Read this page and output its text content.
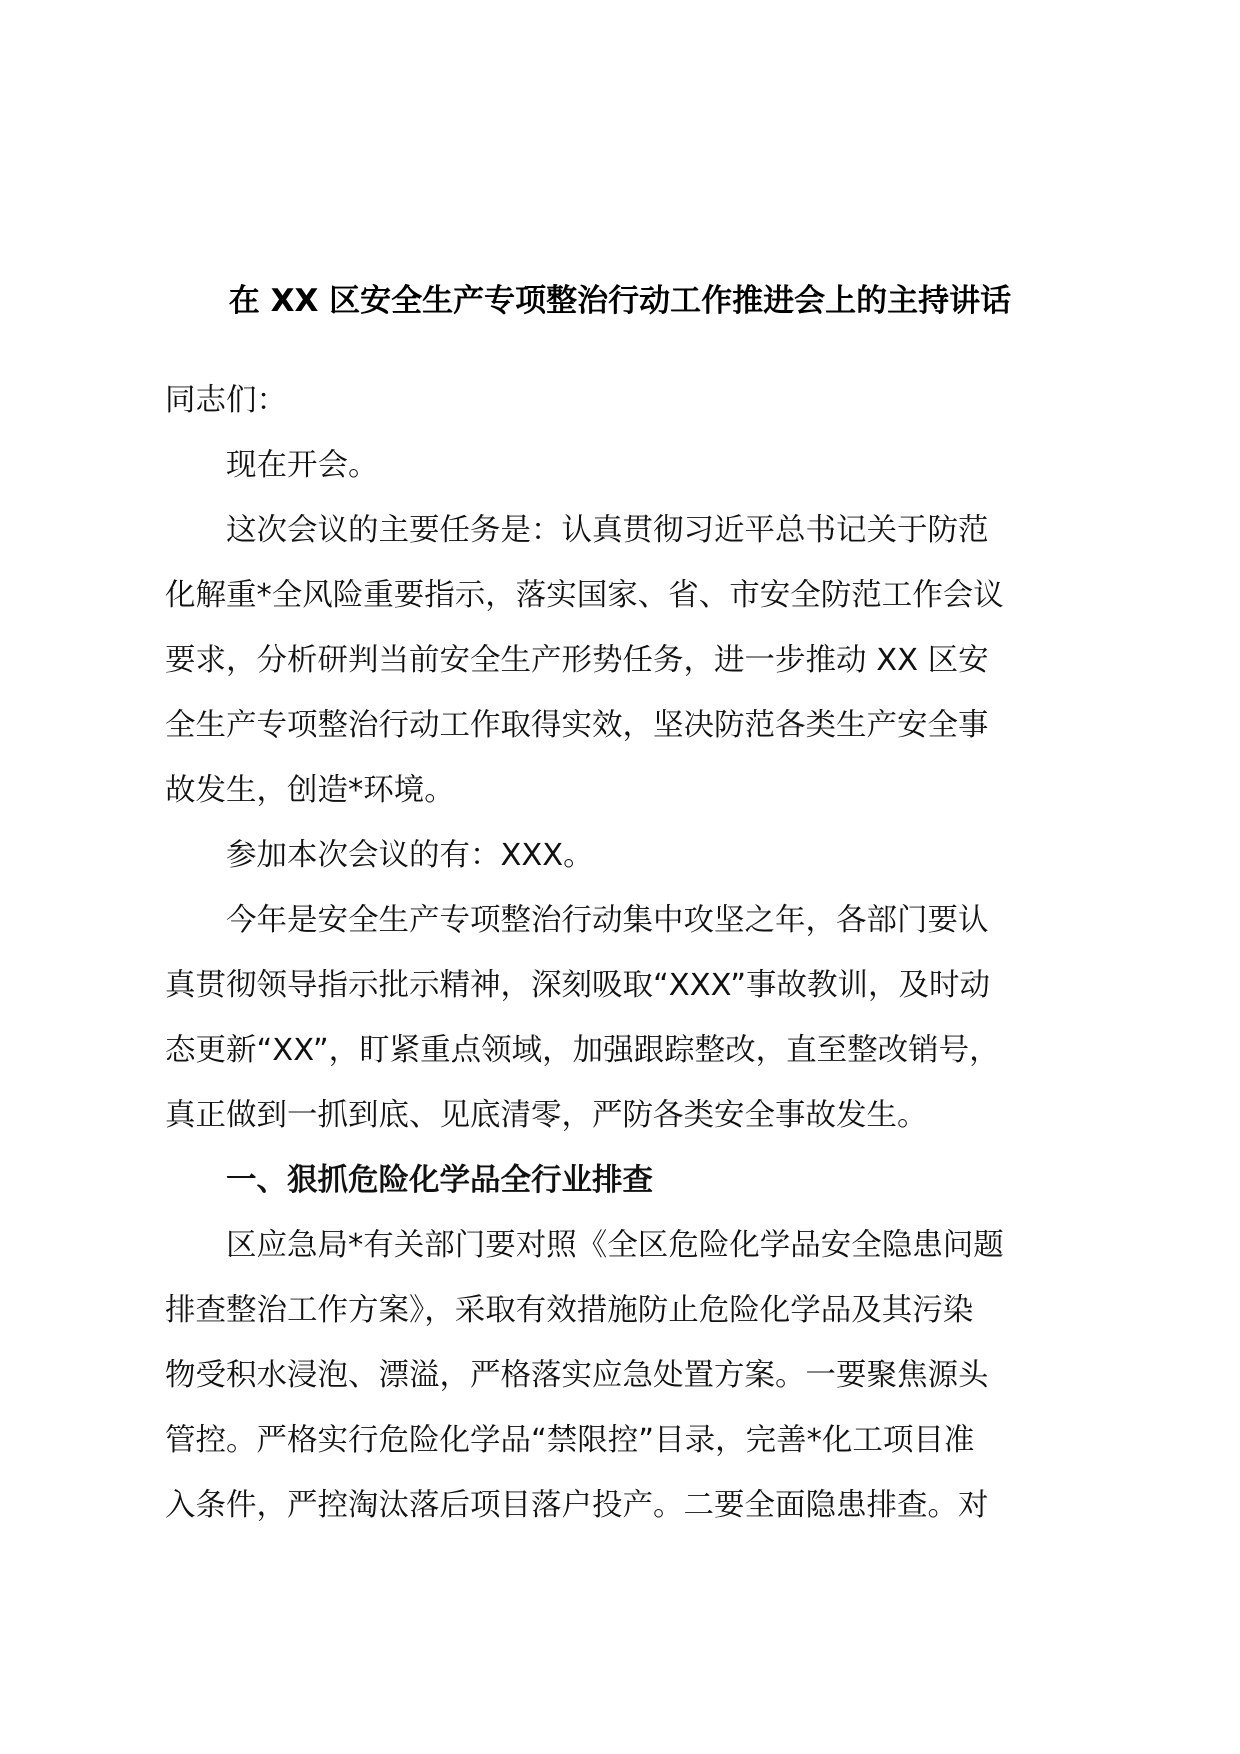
在 XX 区安全生产专项整治行动工作推进会上的主持讲话

同志们：

现在开会。

这次会议的主要任务是：认真贯彻习近平总书记关于防范
化解重*全风险重要指示，落实国家、省、市安全防范工作会议
要求，分析研判当前安全生产形势任务，进一步推动 XX 区安
全生产专项整治行动工作取得实效，坚决防范各类生产安全事
故发生，创造*环境。

参加本次会议的有：XXX。

今年是安全生产专项整治行动集中攻坚之年，各部门要认
真贯彻领导指示批示精神，深刻吸取“XXX”事故教训，及时动
态更新“XX”，盯紧重点领域，加强跟踪整改，直至整改销号，
真正做到一抓到底、见底清零，严防各类安全事故发生。

一、狠抓危险化学品全行业排查

区应急局*有关部门要对照《全区危险化学品安全隐患问题
排查整治工作方案》，采取有效措施防止危险化学品及其污染
物受积水浸泡、漂溢，严格落实应急处置方案。一要聚焦源头
管控。严格实行危险化学品“禁限控”目录，完善*化工项目准
入条件，严控淘汰落后项目落户投产。二要全面隐患排查。对
